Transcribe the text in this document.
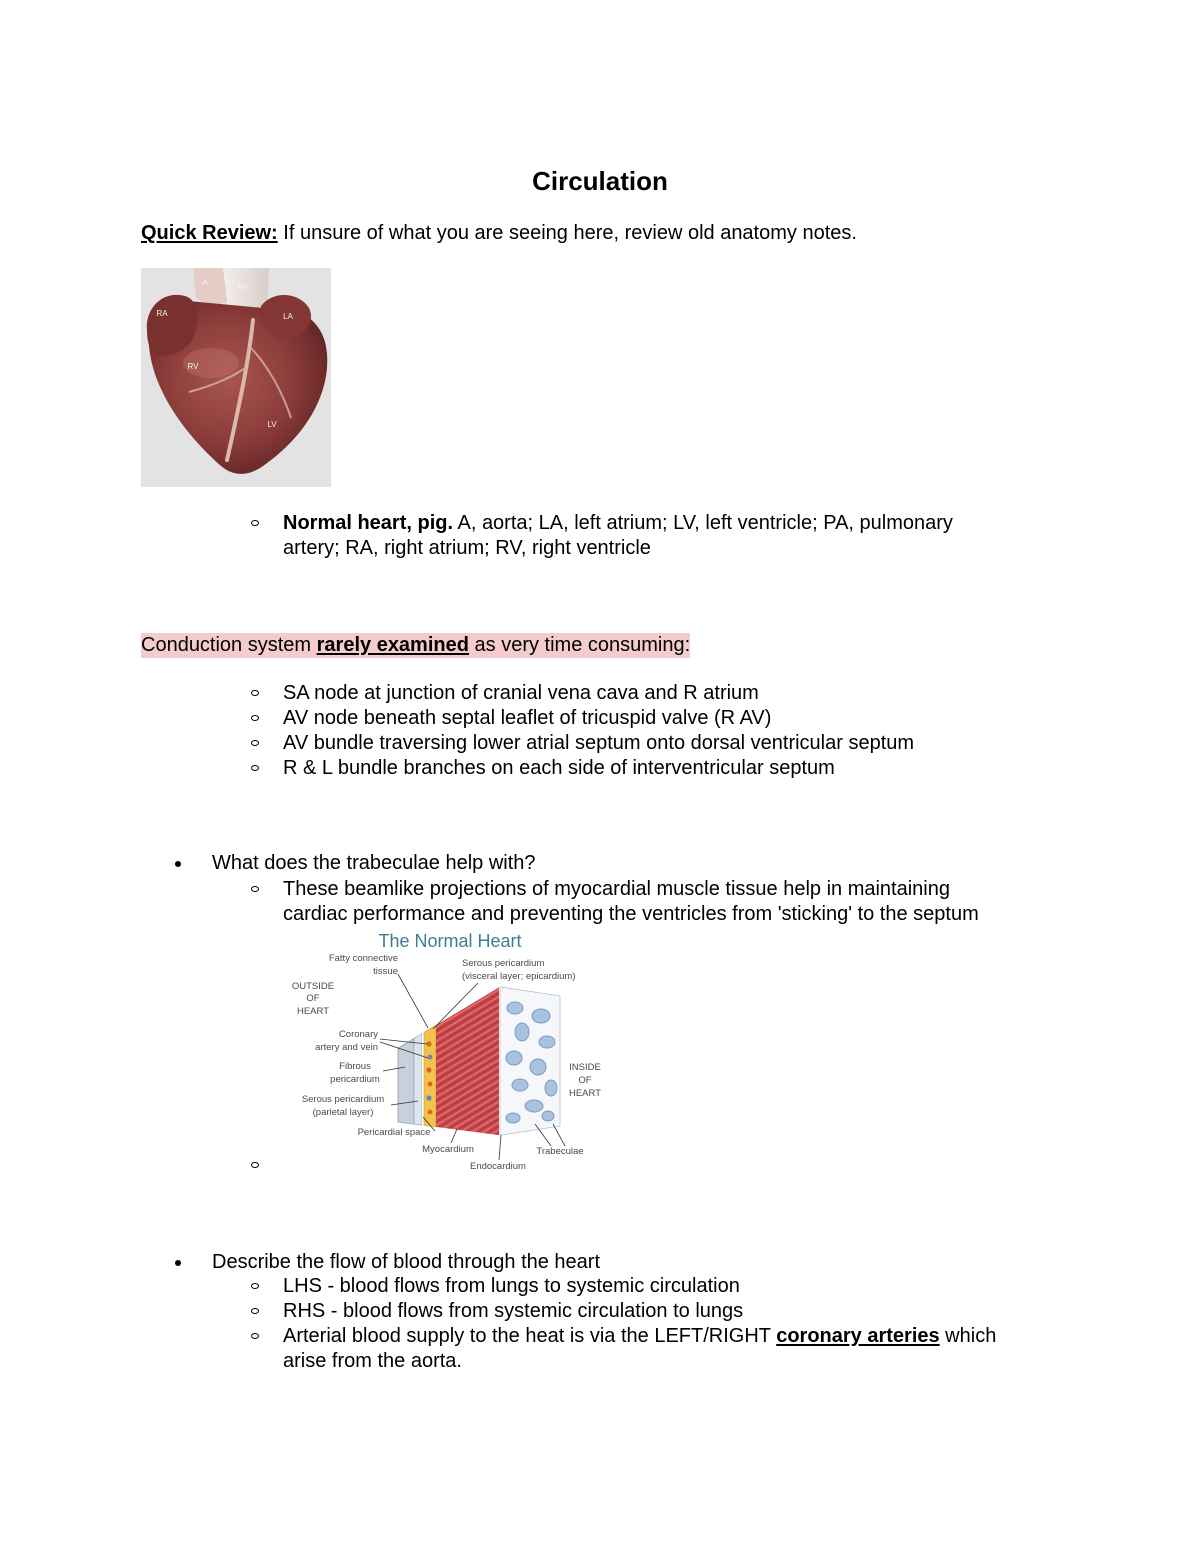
Circulation
Quick Review: If unsure of what you are seeing here, review old anatomy notes.
A
PA
RA	LA
RV
LV
Normal heart, pig. A, aorta; LA, left atrium; LV, left ventricle; PA, pulmonary
artery; RA, right atrium; RV, right ventricle
Conduction system rarely examined as very time consuming:
SA node at junction of cranial vena cava and R atrium
AV node beneath septal leaflet of tricuspid valve (R AV)
AV bundle traversing lower atrial septum onto dorsal ventricular septum
R & L bundle branches on each side of interventricular septum
What does the trabeculae help with?
These beamlike projections of myocardial muscle tissue help in maintaining
cardiac performance and preventing the ventricles from 'sticking' to the septum
The Normal Heart
Fatty connective
tissue
Serous pericardium
(visceral layer; epicardium)
OUTSIDE
OF
HEART
Coronary
artery and vein
Fibrous
pericardium
Serous pericardium
(parietal layer)
Pericardial space
Myocardium
Endocardium
Trabeculae
INSIDE
OF
HEART
Describe the flow of blood through the heart
LHS - blood flows from lungs to systemic circulation
RHS - blood flows from systemic circulation to lungs
Arterial blood supply to the heat is via the LEFT/RIGHT coronary arteries which
arise from the aorta.
